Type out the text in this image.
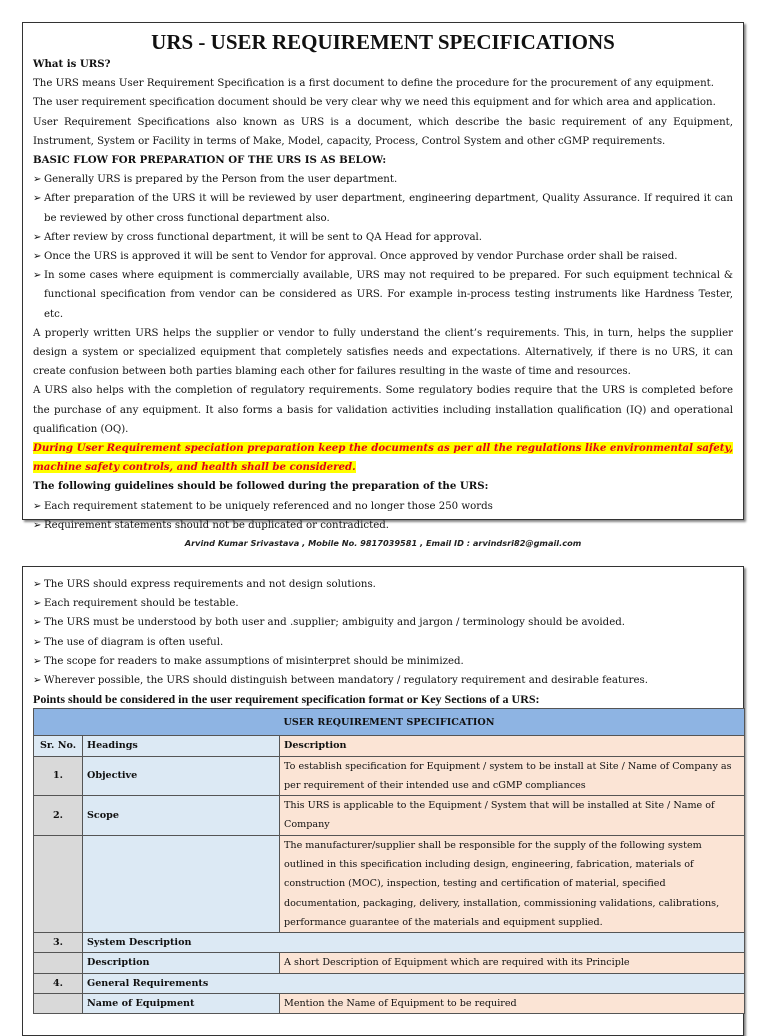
URS - USER REQUIREMENT SPECIFICATIONS

What is URS?

The URS means User Requirement Specification is a first document to define the procedure for the procurement of any equipment.

The user requirement specification document should be very clear why we need this equipment and for which area and application.

User Requirement Specifications also known as URS is a document, which describe the basic requirement of any Equipment, Instrument, System or Facility in terms of Make, Model, capacity, Process, Control System and other cGMP requirements.

BASIC FLOW FOR PREPARATION OF THE URS IS AS BELOW:

➢ Generally URS is prepared by the Person from the user department.
➢ After preparation of the URS it will be reviewed by user department, engineering department, Quality Assurance. If required it can be reviewed by other cross functional department also.
➢ After review by cross functional department, it will be sent to QA Head for approval.
➢ Once the URS is approved it will be sent to Vendor for approval. Once approved by vendor Purchase order shall be raised.
➢ In some cases where equipment is commercially available, URS may not required to be prepared. For such equipment technical & functional specification from vendor can be considered as URS. For example in-process testing instruments like Hardness Tester, etc.

A properly written URS helps the supplier or vendor to fully understand the client’s requirements. This, in turn, helps the supplier design a system or specialized equipment that completely satisfies needs and expectations. Alternatively, if there is no URS, it can create confusion between both parties blaming each other for failures resulting in the waste of time and resources.

A URS also helps with the completion of regulatory requirements. Some regulatory bodies require that the URS is completed before the purchase of any equipment. It also forms a basis for validation activities including installation qualification (IQ) and operational qualification (OQ).

During User Requirement speciation preparation keep the documents as per all the regulations like environmental safety, machine safety controls, and health shall be considered.

The following guidelines should be followed during the preparation of the URS:

➢ Each requirement statement to be uniquely referenced and no longer those 250 words
➢ Requirement statements should not be duplicated or contradicted.
Arvind Kumar Srivastava , Mobile No. 9817039581 , Email ID : arvindsri82@gmail.com
➢ The URS should express requirements and not design solutions.
➢ Each requirement should be testable.
➢ The URS must be understood by both user and .supplier; ambiguity and jargon / terminology should be avoided.
➢ The use of diagram is often useful.
➢ The scope for readers to make assumptions of misinterpret should be minimized.
➢ Wherever possible, the URS should distinguish between mandatory / regulatory requirement and desirable features.

Points should be considered in the user requirement specification format or Key Sections of a URS:

USER REQUIREMENT SPECIFICATION		
Sr. No.	Headings	Description
1.	Objective	To establish specification for Equipment / system to be install at Site / Name of Company as per requirement of their intended use and cGMP compliances
2.	Scope	This URS is applicable to the Equipment / System that will be installed at Site / Name of Company
		The manufacturer/supplier shall be responsible for the supply of the following system outlined in this specification including design, engineering, fabrication, materials of construction (MOC), inspection, testing and certification of material, specified documentation, packaging, delivery, installation, commissioning validations, calibrations, performance guarantee of the materials and equipment supplied.
3.	System Description	
	Description	A short Description of Equipment which are required with its Principle
4.	General Requirements	
	Name of Equipment	Mention the Name of Equipment to be required
